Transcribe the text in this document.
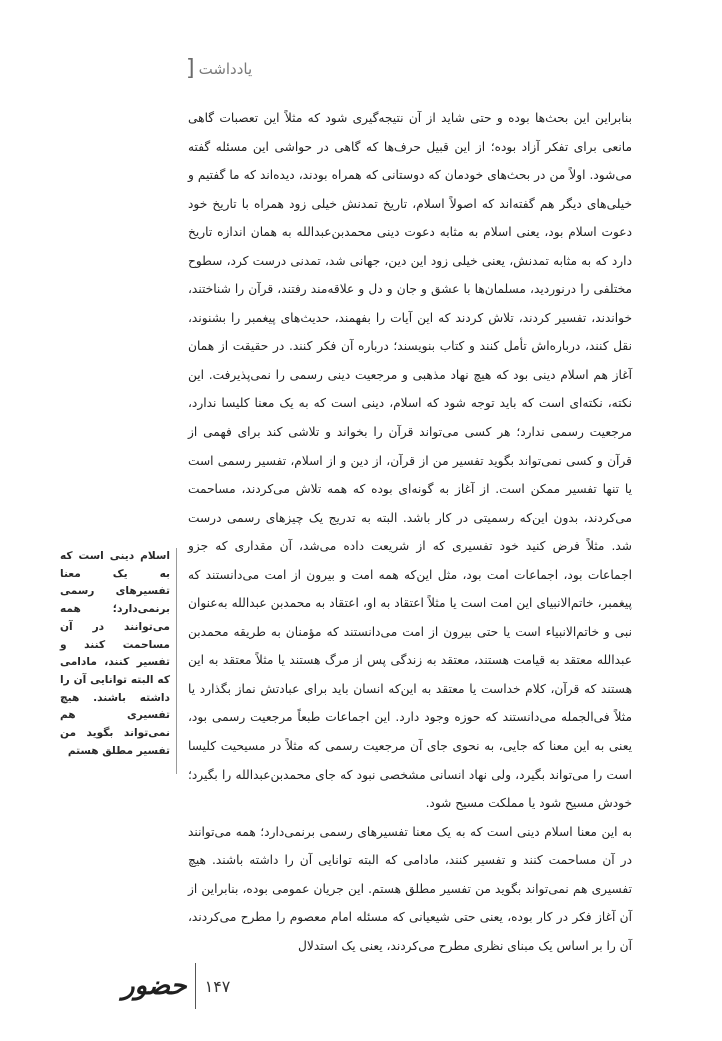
] یادداشت

بنابراین این بحث‌ها بوده و حتی شاید از آن نتیجه‌گیری شود که مثلاً این تعصبات گاهی مانعی برای تفکر آزاد بوده؛ از این قبیل حرف‌ها که گاهی در حواشی این مسئله گفته می‌شود. اولاً من در بحث‌های خودمان که دوستانی که همراه بودند، دیده‌اند که ما گفتیم و خیلی‌های دیگر هم گفته‌اند که اصولاً اسلام، تاریخ تمدنش خیلی زود همراه با تاریخ خود دعوت اسلام بود، یعنی اسلام به مثابه دعوت دینی محمدبن‌عبدالله به همان اندازه تاریخ دارد که به مثابه تمدنش، یعنی خیلی زود این دین، جهانی شد، تمدنی درست کرد، سطوح مختلفی را درنوردید، مسلمان‌ها با عشق و جان و دل و علاقه‌مند رفتند، قرآن را شناختند، خواندند، تفسیر کردند، تلاش کردند که این آیات را بفهمند، حدیث‌های پیغمبر را بشنوند، نقل کنند، درباره‌اش تأمل کنند و کتاب بنویسند؛ درباره آن فکر کنند. در حقیقت از همان آغاز هم اسلام دینی بود که هیچ نهاد مذهبی و مرجعیت دینی رسمی را نمی‌پذیرفت. این نکته، نکته‌ای است که باید توجه شود که اسلام، دینی است که به یک معنا کلیسا ندارد، مرجعیت رسمی ندارد؛ هر کسی می‌تواند قرآن را بخواند و تلاشی کند برای فهمی از قرآن و کسی نمی‌تواند بگوید تفسیر من از قرآن، از دین و از اسلام، تفسیر رسمی است یا تنها تفسیر ممکن است. از آغاز به گونه‌ای بوده که همه تلاش می‌کردند، مساحمت می‌کردند، بدون این‌که رسمیتی در کار باشد. البته به تدریج یک چیزهای رسمی درست شد. مثلاً فرض کنید خود تفسیری که از شریعت داده می‌شد، آن مقداری که جزو اجماعات بود، اجماعات امت بود، مثل این‌که همه امت و بیرون از امت می‌دانستند که پیغمبر، خاتم‌الانبیای این امت است یا مثلاً اعتقاد به او، اعتقاد به محمدبن عبدالله به‌عنوان نبی و خاتم‌الانبیاء است یا حتی بیرون از امت می‌دانستند که مؤمنان به طریقه محمدبن عبدالله معتقد به قیامت هستند، معتقد به زندگی پس از مرگ هستند یا مثلاً معتقد به این هستند که قرآن، کلام خداست یا معتقد به این‌که انسان باید برای عبادتش نماز بگذارد یا مثلاً فی‌الجمله می‌دانستند که حوزه وجود دارد. این اجماعات طبعاً مرجعیت رسمی بود، یعنی به این معنا که جایی، به نحوی جای آن مرجعیت رسمی که مثلاً در مسیحیت کلیسا است را می‌تواند بگیرد، ولی نهاد انسانی مشخصی نبود که جای محمدبن‌عبدالله را بگیرد؛ خودش مسیح شود یا مملکت مسیح شود.

به این معنا اسلام دینی است که به یک معنا تفسیرهای رسمی برنمی‌دارد؛ همه می‌توانند در آن مساحمت کنند و تفسیر کنند، مادامی که البته توانایی آن را داشته باشند. هیچ تفسیری هم نمی‌تواند بگوید من تفسیر مطلق هستم. این جریان عمومی بوده، بنابراین از آن آغاز فکر در کار بوده، یعنی حتی شیعیانی که مسئله امام معصوم را مطرح می‌کردند، آن را بر اساس یک مبنای نظری مطرح می‌کردند، یعنی یک استدلال

اسلام دینی است که به یک معنا تفسیرهای رسمی برنمی‌دارد؛ همه می‌توانند در آن مساحمت کنند و تفسیر کنند، مادامی که البته توانایی آن را داشته باشند. هیچ تفسیری هم نمی‌تواند بگوید من تفسیر مطلق هستم
حضور ۱۴۷
